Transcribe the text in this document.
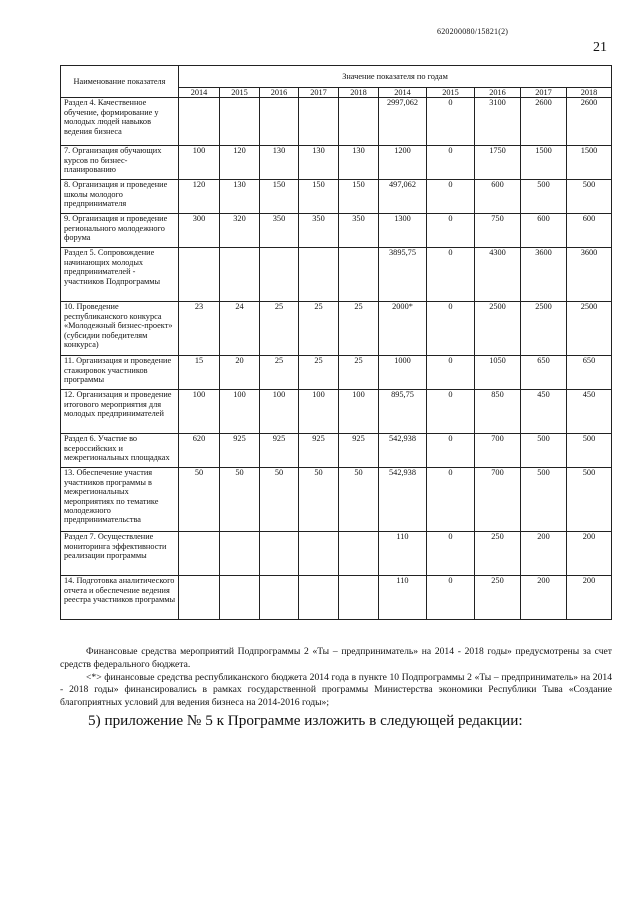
620200080/15821(2)
21
Наименование показателя	Значение показателя по годам									
	2014	2015	2016	2017	2018	2014	2015	2016	2017	2018
Раздел 4. Качественное обучение, формирование у молодых людей навыков ведения бизнеса						2997,062	0	3100	2600	2600
7. Организация обучающих курсов по бизнес-планированию	100	120	130	130	130	1200	0	1750	1500	1500
8. Организация и проведение школы молодого предпринимателя	120	130	150	150	150	497,062	0	600	500	500
9. Организация и проведение регионального молодежного форума	300	320	350	350	350	1300	0	750	600	600
Раздел 5. Сопровождение начинающих молодых предпринимателей - участников Подпрограммы						3895,75	0	4300	3600	3600
10. Проведение республиканского конкурса «Молодежный бизнес-проект» (субсидии победителям конкурса)	23	24	25	25	25	2000*	0	2500	2500	2500
11. Организация и проведение стажировок участников программы	15	20	25	25	25	1000	0	1050	650	650
12. Организация и проведение итогового мероприятия для молодых предпринимателей	100	100	100	100	100	895,75	0	850	450	450
Раздел 6. Участие во всероссийских и межрегиональных площадках	620	925	925	925	925	542,938	0	700	500	500
13. Обеспечение участия участников программы в межрегиональных мероприятиях по тематике молодежного предпринимательства	50	50	50	50	50	542,938	0	700	500	500
Раздел 7. Осуществление мониторинга эффективности реализации программы						110	0	250	200	200
14. Подготовка аналитического отчета и обеспечение ведения реестра участников программы						110	0	250	200	200

Финансовые средства мероприятий Подпрограммы 2 «Ты – предприниматель» на 2014 - 2018 годы» предусмотрены за счет средств федерального бюджета.

<*> финансовые средства республиканского бюджета 2014 года в пункте 10 Подпрограммы 2 «Ты – предприниматель» на 2014 - 2018 годы» финансировались в рамках государственной программы Министерства экономики Республики Тыва «Создание благоприятных условий для ведения бизнеса на 2014-2016 годы»;

5) приложение № 5 к Программе изложить в следующей редакции:
